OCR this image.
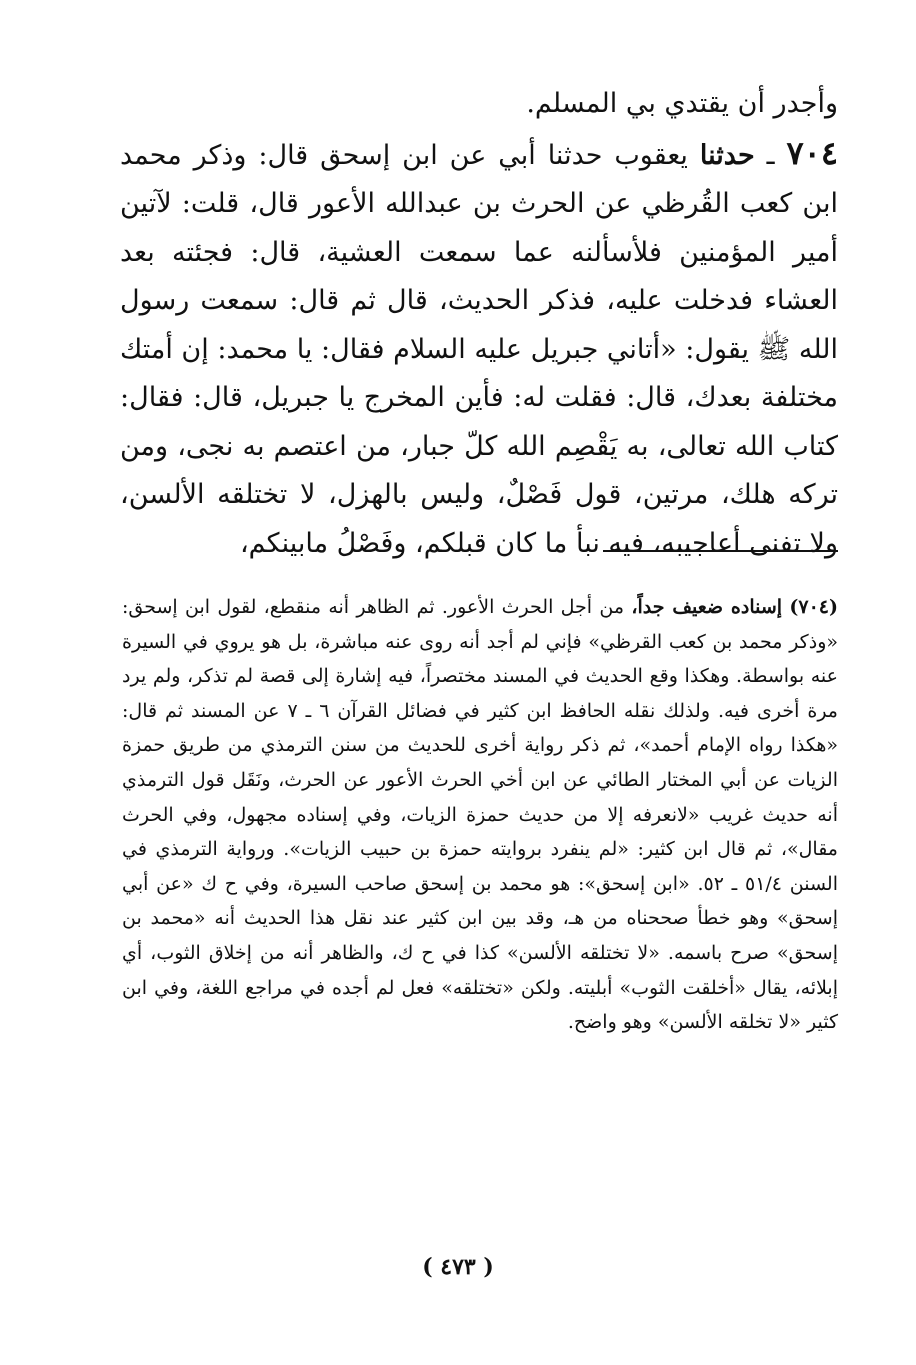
وأجدر أن يقتدي بي المسلم.

٧٠٤ ـ حدثنا يعقوب حدثنا أبي عن ابن إسحق قال: وذكر محمد ابن كعب القُرظي عن الحرث بن عبدالله الأعور قال، قلت: لآتين أمير المؤمنين فلأسألنه عما سمعت العشية، قال: فجئته بعد العشاء فدخلت عليه، فذكر الحديث، قال ثم قال: سمعت رسول الله ﷺ يقول: «أتاني جبريل عليه السلام فقال: يا محمد: إن أمتك مختلفة بعدك، قال: فقلت له: فأين المخرج يا جبريل، قال: فقال: كتاب الله تعالى، به يَقْصِم الله كلّ جبار، من اعتصم به نجى، ومن تركه هلك، مرتين، قول فَصْلٌ، وليس بالهزل، لا تختلقه الألسن، ولا تفنى أعاجيبه، فيه نبأ ما كان قبلكم، وفَصْلُ مابينكم،

(٧٠٤) إسناده ضعيف جداً، من أجل الحرث الأعور. ثم الظاهر أنه منقطع، لقول ابن إسحق: «وذكر محمد بن كعب القرظي» فإني لم أجد أنه روى عنه مباشرة، بل هو يروي في السيرة عنه بواسطة. وهكذا وقع الحديث في المسند مختصراً، فيه إشارة إلى قصة لم تذكر، ولم يرد مرة أخرى فيه. ولذلك نقله الحافظ ابن كثير في فضائل القرآن ٦ ـ ٧ عن المسند ثم قال: «هكذا رواه الإمام أحمد»، ثم ذكر رواية أخرى للحديث من سنن الترمذي من طريق حمزة الزيات عن أبي المختار الطائي عن ابن أخي الحرث الأعور عن الحرث، ونَقَل قول الترمذي أنه حديث غريب «لانعرفه إلا من حديث حمزة الزيات، وفي إسناده مجهول، وفي الحرث مقال»، ثم قال ابن كثير: «لم ينفرد بروايته حمزة بن حبيب الزيات». ورواية الترمذي في السنن ٥١/٤ ـ ٥٢. «ابن إسحق»: هو محمد بن إسحق صاحب السيرة، وفي ح ك «عن أبي إسحق» وهو خطأ صححناه من هـ، وقد بين ابن كثير عند نقل هذا الحديث أنه «محمد بن إسحق» صرح باسمه. «لا تختلقه الألسن» كذا في ح ك، والظاهر أنه من إخلاق الثوب، أي إبلائه، يقال «أخلقت الثوب» أبليته. ولكن «تختلقه» فعل لم أجده في مراجع اللغة، وفي ابن كثير «لا تخلقه الألسن» وهو واضح.

( ٤٧٣ )
